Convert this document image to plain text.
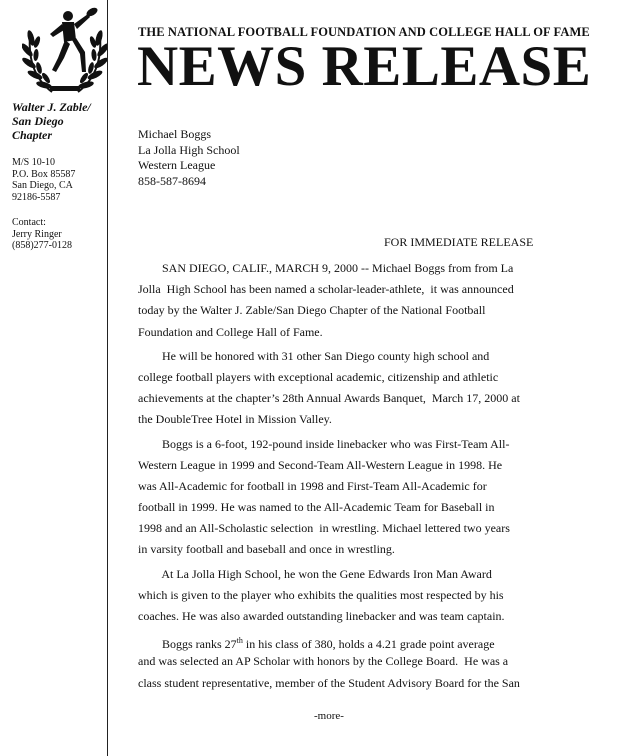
THE NATIONAL FOOTBALL FOUNDATION AND COLLEGE HALL OF FAME
NEWS RELEASE
Walter J. Zable/
San Diego
Chapter
M/S 10-10
P.O. Box 85587
San Diego, CA
92186-5587
Contact:
Jerry Ringer
(858)277-0128
Michael Boggs
La Jolla High School
Western League
858-587-8694
FOR IMMEDIATE RELEASE
SAN DIEGO, CALIF., MARCH 9, 2000 -- Michael Boggs from from La
Jolla  High School has been named a scholar-leader-athlete,  it was announced
today by the Walter J. Zable/San Diego Chapter of the National Football
Foundation and College Hall of Fame.
He will be honored with 31 other San Diego county high school and
college football players with exceptional academic, citizenship and athletic
achievements at the chapter’s 28th Annual Awards Banquet,  March 17, 2000 at
the DoubleTree Hotel in Mission Valley.
Boggs is a 6-foot, 192-pound inside linebacker who was First-Team All-
Western League in 1999 and Second-Team All-Western League in 1998. He
was All-Academic for football in 1998 and First-Team All-Academic for
football in 1999. He was named to the All-Academic Team for Baseball in
1998 and an All-Scholastic selection  in wrestling. Michael lettered two years
in varsity football and baseball and once in wrestling.
At La Jolla High School, he won the Gene Edwards Iron Man Award
which is given to the player who exhibits the qualities most respected by his
coaches. He was also awarded outstanding linebacker and was team captain.
Boggs ranks 27th in his class of 380, holds a 4.21 grade point average
and was selected an AP Scholar with honors by the College Board.  He was a
class student representative, member of the Student Advisory Board for the San
-more-
